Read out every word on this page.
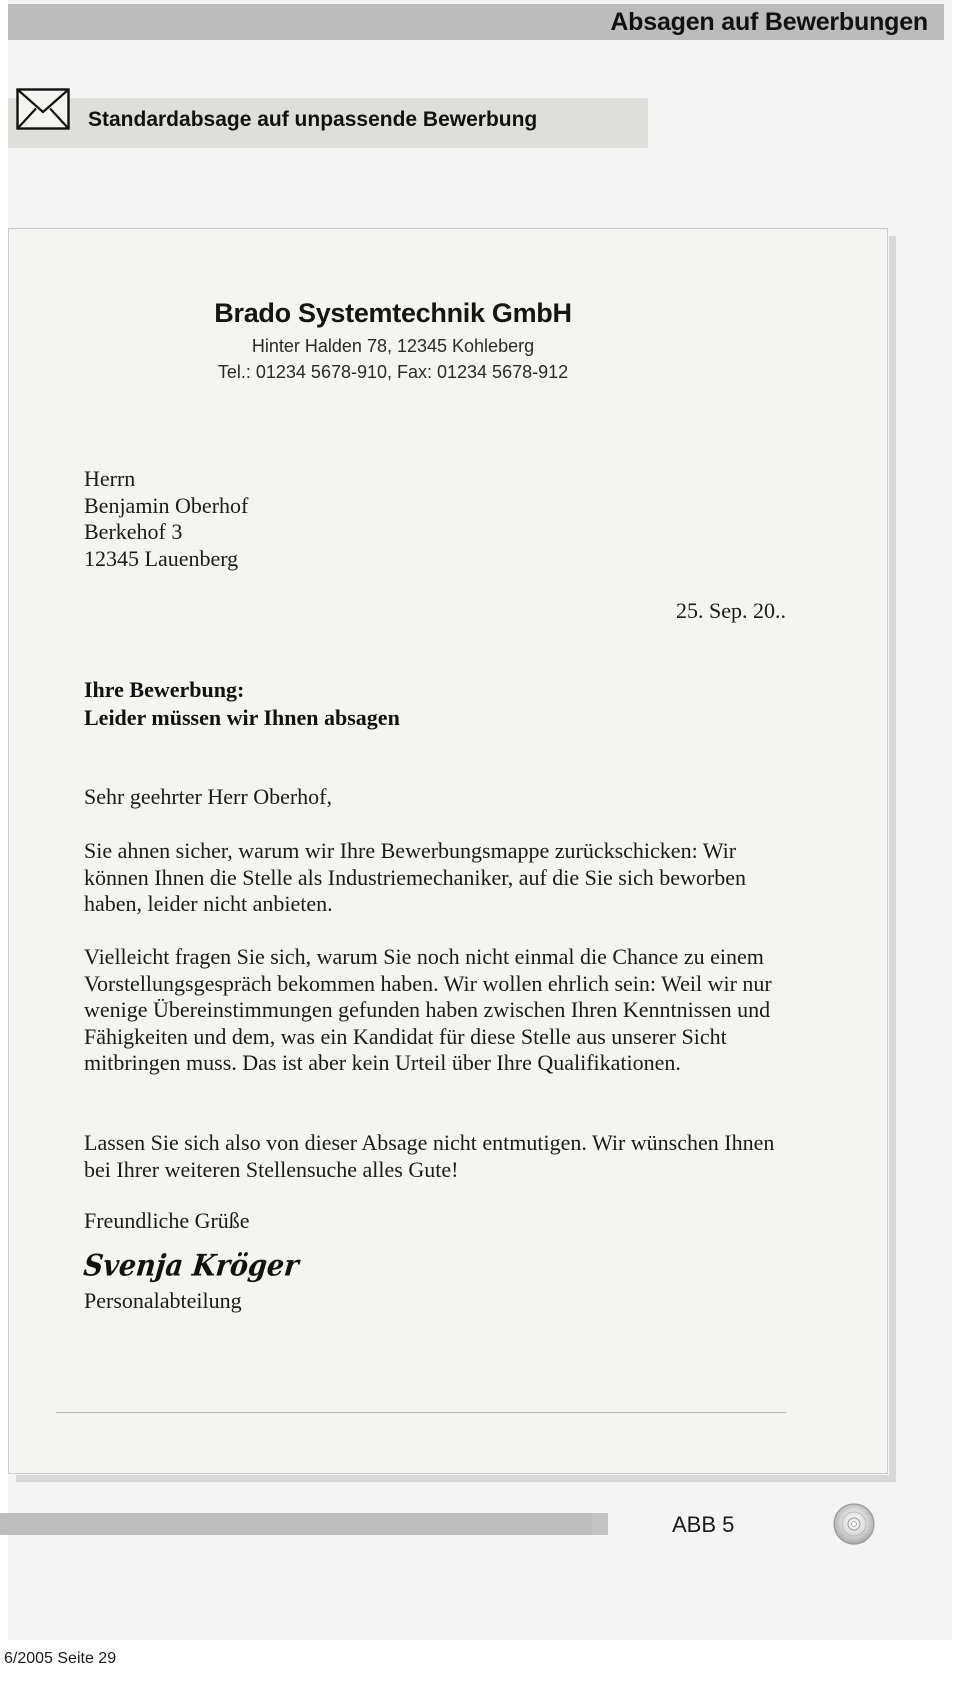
Absagen auf Bewerbungen
Standardabsage auf unpassende Bewerbung
Brado Systemtechnik GmbH
Hinter Halden 78, 12345 Kohleberg
Tel.: 01234 5678-910, Fax: 01234 5678-912
Herrn
Benjamin Oberhof
Berkehof 3
12345 Lauenberg
25. Sep. 20..
Ihre Bewerbung:
Leider müssen wir Ihnen absagen
Sehr geehrter Herr Oberhof,
Sie ahnen sicher, warum wir Ihre Bewerbungsmappe zurückschicken: Wir können Ihnen die Stelle als Industriemechaniker, auf die Sie sich beworben haben, leider nicht anbieten.
Vielleicht fragen Sie sich, warum Sie noch nicht einmal die Chance zu einem Vorstellungsgespräch bekommen haben. Wir wollen ehrlich sein: Weil wir nur wenige Übereinstimmungen gefunden haben zwischen Ihren Kenntnissen und Fähigkeiten und dem, was ein Kandidat für diese Stelle aus unserer Sicht mitbringen muss. Das ist aber kein Urteil über Ihre Qualifikationen.
Lassen Sie sich also von dieser Absage nicht entmutigen. Wir wünschen Ihnen bei Ihrer weiteren Stellensuche alles Gute!
Freundliche Grüße
Svenja Kröger
Personalabteilung
ABB 5
6/2005 Seite 29
